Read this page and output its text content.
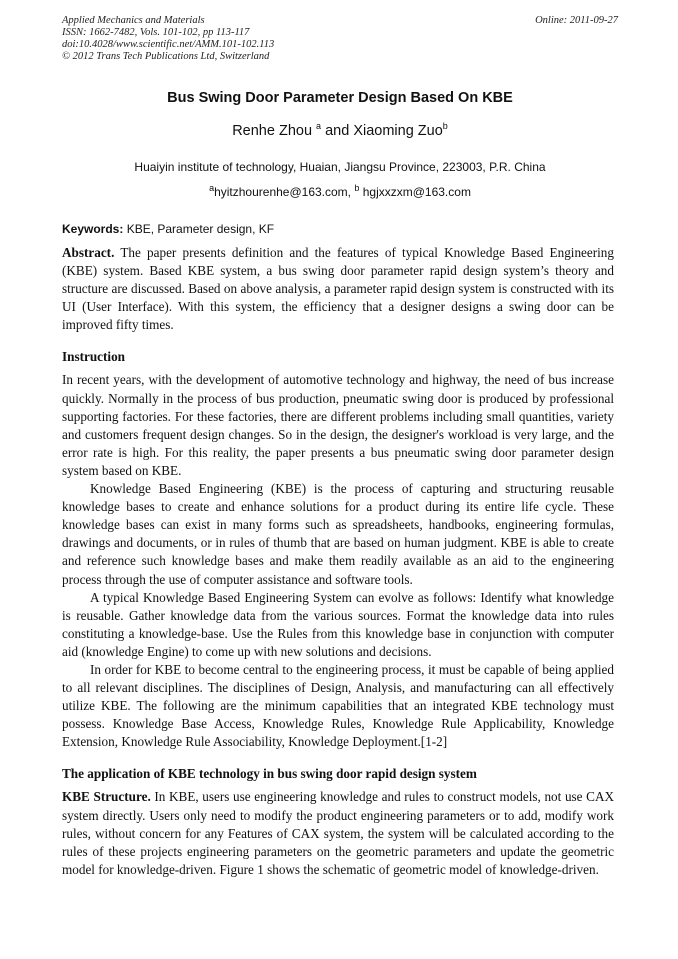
Applied Mechanics and Materials
ISSN: 1662-7482, Vols. 101-102, pp 113-117
doi:10.4028/www.scientific.net/AMM.101-102.113
© 2012 Trans Tech Publications Ltd, Switzerland
Online: 2011-09-27
Bus Swing Door Parameter Design Based On KBE
Renhe Zhou $^a$ and Xiaoming Zuo$^b$
Huaiyin institute of technology, Huaian, Jiangsu Province, 223003, P.R. China
$^a$hyitzhourenhe@163.com, $^b$ hgjxxzxm@163.com
Keywords: KBE, Parameter design, KF

Abstract. The paper presents definition and the features of typical Knowledge Based Engineering (KBE) system. Based KBE system, a bus swing door parameter rapid design system’s theory and structure are discussed. Based on above analysis, a parameter rapid design system is constructed with its UI (User Interface). With this system, the efficiency that a designer designs a swing door can be improved fifty times.

Instruction

In recent years, with the development of automotive technology and highway, the need of bus increase quickly. Normally in the process of bus production, pneumatic swing door is produced by professional supporting factories. For these factories, there are different problems including small quantities, variety and customers frequent design changes. So in the design, the designer's workload is very large, and the error rate is high. For this reality, the paper presents a bus pneumatic swing door parameter design system based on KBE.

Knowledge Based Engineering (KBE) is the process of capturing and structuring reusable knowledge bases to create and enhance solutions for a product during its entire life cycle. These knowledge bases can exist in many forms such as spreadsheets, handbooks, engineering formulas, drawings and documents, or in rules of thumb that are based on human judgment. KBE is able to create and reference such knowledge bases and make them readily available as an aid to the engineering process through the use of computer assistance and software tools.

A typical Knowledge Based Engineering System can evolve as follows: Identify what knowledge is reusable. Gather knowledge data from the various sources. Format the knowledge data into rules constituting a knowledge-base. Use the Rules from this knowledge base in conjunction with computer aid (knowledge Engine) to come up with new solutions and decisions.

In order for KBE to become central to the engineering process, it must be capable of being applied to all relevant disciplines. The disciplines of Design, Analysis, and manufacturing can all effectively utilize KBE. The following are the minimum capabilities that an integrated KBE technology must possess. Knowledge Base Access, Knowledge Rules, Knowledge Rule Applicability, Knowledge Extension, Knowledge Rule Associability, Knowledge Deployment.[1-2]

The application of KBE technology in bus swing door rapid design system

KBE Structure. In KBE, users use engineering knowledge and rules to construct models, not use CAX system directly. Users only need to modify the product engineering parameters or to add, modify work rules, without concern for any Features of CAX system, the system will be calculated according to the rules of these projects engineering parameters on the geometric parameters and update the geometric model for knowledge-driven. Figure 1 shows the schematic of geometric model of knowledge-driven.
